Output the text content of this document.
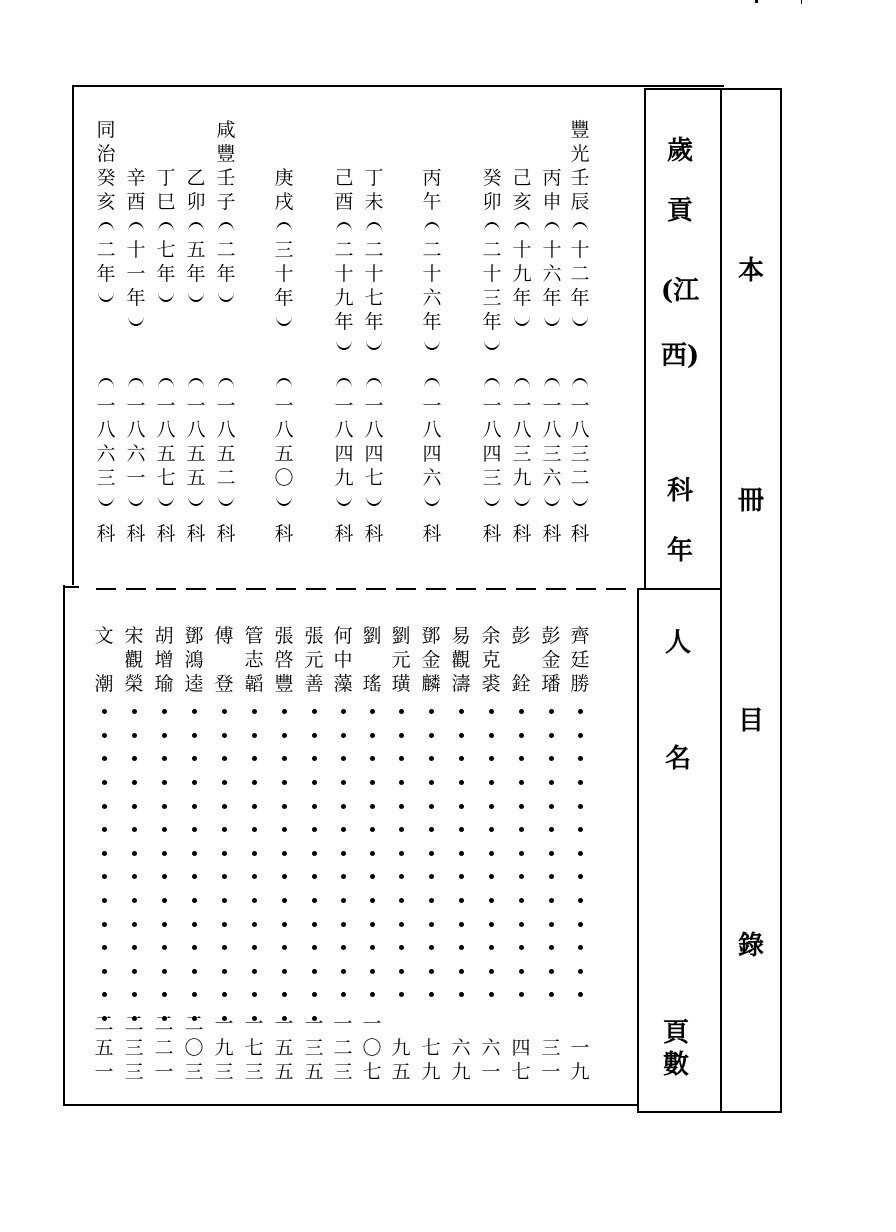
本
冊
目
錄
歲
貢
(江
西)
科
年
人
名
頁
數
豐
光
壬
辰
十
二
年
一
八
三
二
科
丙
申
十
六
年
一
八
三
六
科
己
亥
十
九
年
一
八
三
九
科
癸
卯
二
十
三
年
一
八
四
三
科
丙
午
二
十
六
年
一
八
四
六
科
丁
未
二
十
七
年
一
八
四
七
科
己
酉
二
十
九
年
一
八
四
九
科
庚
戌
三
十
年
一
八
五
〇
科
咸
豐
壬
子
二
年
一
八
五
二
科
乙
卯
五
年
一
八
五
五
科
丁
巳
七
年
一
八
五
七
科
辛
酉
十
一
年
一
八
六
一
科
同
治
癸
亥
二
年
一
八
六
三
科
齊
廷
勝
一
九
彭
金
璠
三
一
彭
銓
四
七
余
克
裘
六
一
易
觀
濤
六
九
鄧
金
麟
七
九
劉
元
璜
九
五
劉
瑤
一
〇
七
何
中
藻
一
二
三
張
元
善
一
三
五
張
啓
豐
一
五
五
管
志
韜
一
七
三
傅
登
一
九
三
鄧
鴻
逵
二
〇
三
胡
增
瑜
二
二
一
宋
觀
榮
二
三
三
文
潮
二
五
一
